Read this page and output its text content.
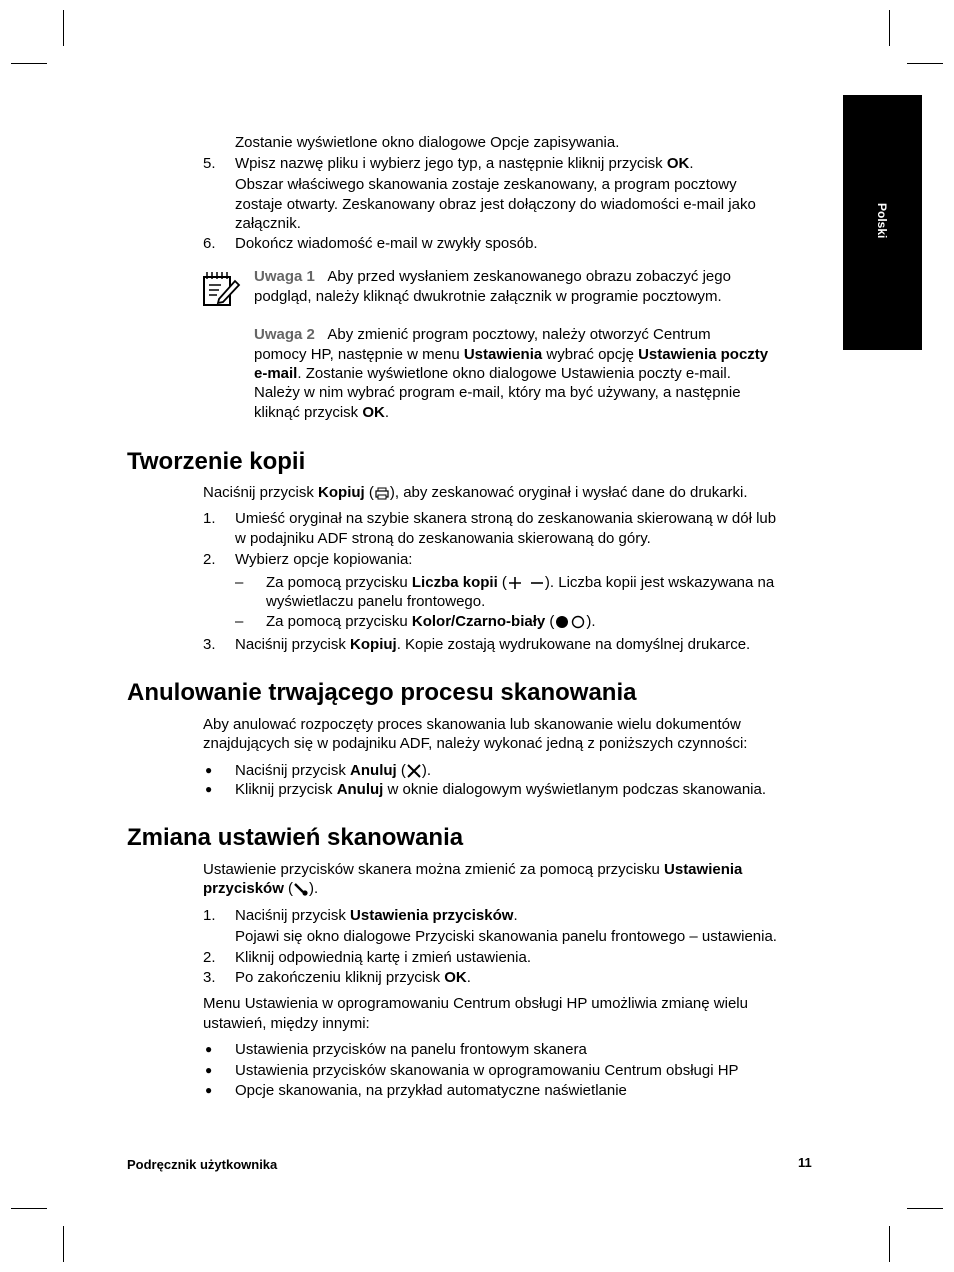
Polski
Zostanie wyświetlone okno dialogowe Opcje zapisywania.
5. Wpisz nazwę pliku i wybierz jego typ, a następnie kliknij przycisk OK.
Obszar właściwego skanowania zostaje zeskanowany, a program pocztowy
zostaje otwarty. Zeskanowany obraz jest dołączony do wiadomości e-mail jako
załącznik.
6. Dokończ wiadomość e-mail w zwykły sposób.
Uwaga 1 Aby przed wysłaniem zeskanowanego obrazu zobaczyć jego
podgląd, należy kliknąć dwukrotnie załącznik w programie pocztowym.
Uwaga 2 Aby zmienić program pocztowy, należy otworzyć Centrum
pomocy HP, następnie w menu Ustawienia wybrać opcję Ustawienia poczty
e-mail. Zostanie wyświetlone okno dialogowe Ustawienia poczty e-mail.
Należy w nim wybrać program e-mail, który ma być używany, a następnie
kliknąć przycisk OK.
Tworzenie kopii
Naciśnij przycisk Kopiuj ( ), aby zeskanować oryginał i wysłać dane do drukarki.
1. Umieść oryginał na szybie skanera stroną do zeskanowania skierowaną w dół lub
w podajniku ADF stroną do zeskanowania skierowaną do góry.
2. Wybierz opcje kopiowania:
– Za pomocą przycisku Liczba kopii (	). Liczba kopii jest wskazywana na
wyświetlaczu panelu frontowego.
– Za pomocą przycisku Kolor/Czarno-biały ( ).
3. Naciśnij przycisk Kopiuj. Kopie zostają wydrukowane na domyślnej drukarce.
Anulowanie trwającego procesu skanowania
Aby anulować rozpoczęty proces skanowania lub skanowanie wielu dokumentów
znajdujących się w podajniku ADF, należy wykonać jedną z poniższych czynności:
● Naciśnij przycisk Anuluj ( ).
● Kliknij przycisk Anuluj w oknie dialogowym wyświetlanym podczas skanowania.
Zmiana ustawień skanowania
Ustawienie przycisków skanera można zmienić za pomocą przycisku Ustawienia
przycisków ( ).
1. Naciśnij przycisk Ustawienia przycisków.
Pojawi się okno dialogowe Przyciski skanowania panelu frontowego – ustawienia.
2. Kliknij odpowiednią kartę i zmień ustawienia.
3. Po zakończeniu kliknij przycisk OK.
Menu Ustawienia w oprogramowaniu Centrum obsługi HP umożliwia zmianę wielu
ustawień, między innymi:
● Ustawienia przycisków na panelu frontowym skanera
● Ustawienia przycisków skanowania w oprogramowaniu Centrum obsługi HP
● Opcje skanowania, na przykład automatyczne naświetlanie
Podręcznik użytkownika	11
